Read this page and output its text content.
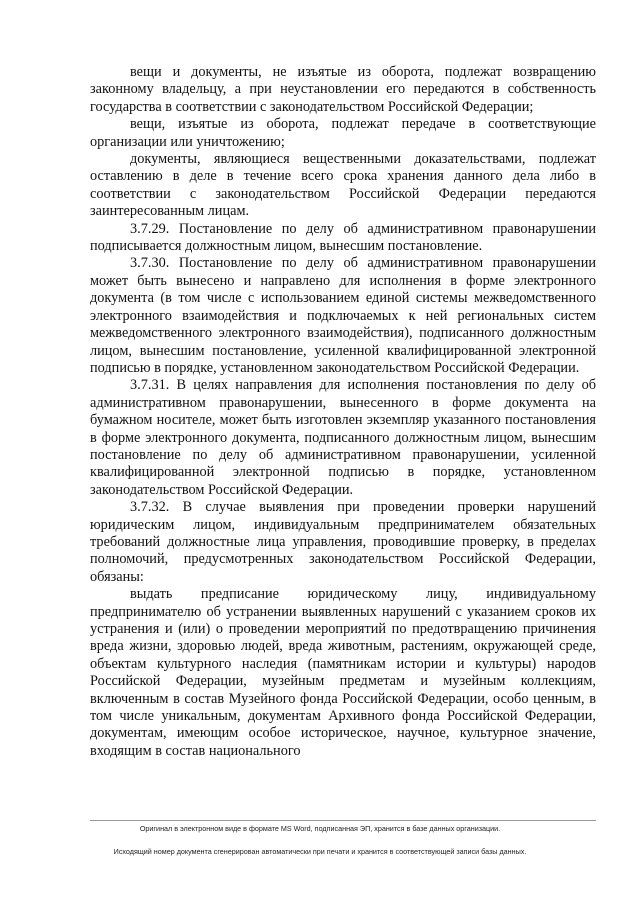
вещи и документы, не изъятые из оборота, подлежат возвращению законному владельцу, а при неустановлении его передаются в собственность государства в соответствии с законодательством Российской Федерации;

вещи, изъятые из оборота, подлежат передаче в соответствующие организации или уничтожению;

документы, являющиеся вещественными доказательствами, подлежат оставлению в деле в течение всего срока хранения данного дела либо в соответствии с законодательством Российской Федерации передаются заинтересованным лицам.

3.7.29. Постановление по делу об административном правонарушении подписывается должностным лицом, вынесшим постановление.

3.7.30. Постановление по делу об административном правонарушении может быть вынесено и направлено для исполнения в форме электронного документа (в том числе с использованием единой системы межведомственного электронного взаимодействия и подключаемых к ней региональных систем межведомственного электронного взаимодействия), подписанного должностным лицом, вынесшим постановление, усиленной квалифицированной электронной подписью в порядке, установленном законодательством Российской Федерации.

3.7.31. В целях направления для исполнения постановления по делу об административном правонарушении, вынесенного в форме документа на бумажном носителе, может быть изготовлен экземпляр указанного постановления в форме электронного документа, подписанного должностным лицом, вынесшим постановление по делу об административном правонарушении, усиленной квалифицированной электронной подписью в порядке, установленном законодательством Российской Федерации.

3.7.32. В случае выявления при проведении проверки нарушений юридическим лицом, индивидуальным предпринимателем обязательных требований должностные лица управления, проводившие проверку, в пределах полномочий, предусмотренных законодательством Российской Федерации, обязаны:

выдать предписание юридическому лицу, индивидуальному предпринимателю об устранении выявленных нарушений с указанием сроков их устранения и (или) о проведении мероприятий по предотвращению причинения вреда жизни, здоровью людей, вреда животным, растениям, окружающей среде, объектам культурного наследия (памятникам истории и культуры) народов Российской Федерации, музейным предметам и музейным коллекциям, включенным в состав Музейного фонда Российской Федерации, особо ценным, в том числе уникальным, документам Архивного фонда Российской Федерации, документам, имеющим особое историческое, научное, культурное значение, входящим в состав национального

Оригинал в электронном виде в формате MS Word, подписанная ЭП, хранится в базе данных организации.
Исходящий номер документа сгенерирован автоматически при печати и хранится в соответствующей записи базы данных.
